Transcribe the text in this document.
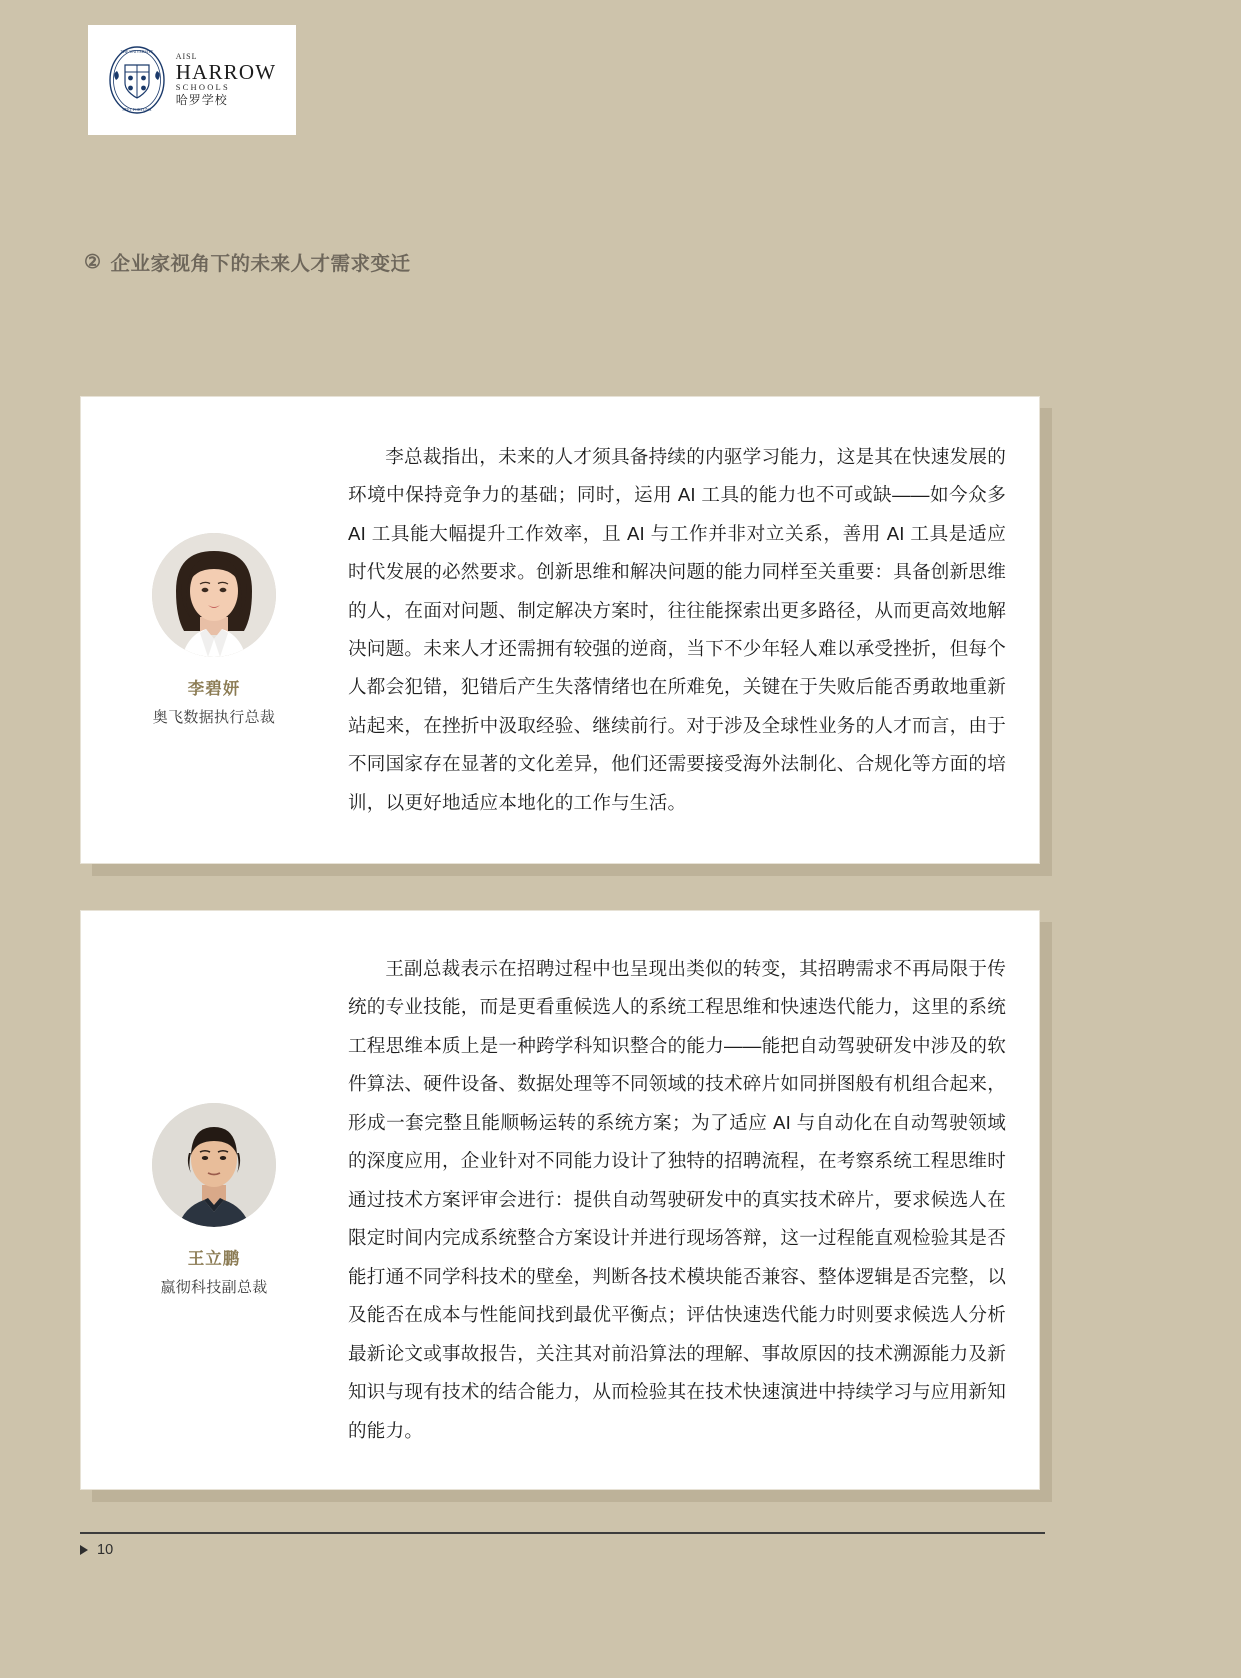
THE UNIVERSITY
STET FORTUNA
AISL
HARROW
SCHOOLS
哈罗学校
② 企业家视角下的未来人才需求变迁
李碧妍
奥飞数据执行总裁

李总裁指出，未来的人才须具备持续的内驱学习能力，这是其在快速发展的环境中保持竞争力的基础；同时，运用 AI 工具的能力也不可或缺——如今众多 AI 工具能大幅提升工作效率，且 AI 与工作并非对立关系，善用 AI 工具是适应时代发展的必然要求。创新思维和解决问题的能力同样至关重要：具备创新思维的人，在面对问题、制定解决方案时，往往能探索出更多路径，从而更高效地解决问题。未来人才还需拥有较强的逆商，当下不少年轻人难以承受挫折，但每个人都会犯错，犯错后产生失落情绪也在所难免，关键在于失败后能否勇敢地重新站起来，在挫折中汲取经验、继续前行。对于涉及全球性业务的人才而言，由于不同国家存在显著的文化差异，他们还需要接受海外法制化、合规化等方面的培训，以更好地适应本地化的工作与生活。

王立鹏
嬴彻科技副总裁

王副总裁表示在招聘过程中也呈现出类似的转变，其招聘需求不再局限于传统的专业技能，而是更看重候选人的系统工程思维和快速迭代能力，这里的系统工程思维本质上是一种跨学科知识整合的能力——能把自动驾驶研发中涉及的软件算法、硬件设备、数据处理等不同领域的技术碎片如同拼图般有机组合起来，形成一套完整且能顺畅运转的系统方案；为了适应 AI 与自动化在自动驾驶领域的深度应用，企业针对不同能力设计了独特的招聘流程，在考察系统工程思维时通过技术方案评审会进行：提供自动驾驶研发中的真实技术碎片，要求候选人在限定时间内完成系统整合方案设计并进行现场答辩，这一过程能直观检验其是否能打通不同学科技术的壁垒，判断各技术模块能否兼容、整体逻辑是否完整，以及能否在成本与性能间找到最优平衡点；评估快速迭代能力时则要求候选人分析最新论文或事故报告，关注其对前沿算法的理解、事故原因的技术溯源能力及新知识与现有技术的结合能力，从而检验其在技术快速演进中持续学习与应用新知的能力。

10
